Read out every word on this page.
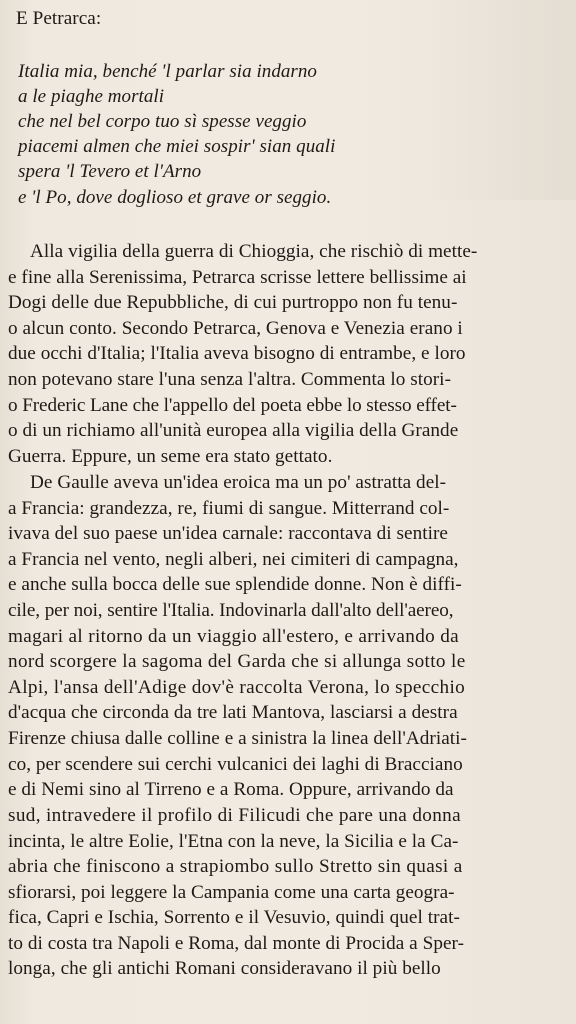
E Petrarca:
Italia mia, benché 'l parlar sia indarno
a le piaghe mortali
che nel bel corpo tuo sì spesse veggio
piacemi almen che miei sospir' sian quali
spera 'l Tevero et l'Arno
e 'l Po, dove doglioso et grave or seggio.
Alla vigilia della guerra di Chioggia, che rischiò di mette-
e fine alla Serenissima, Petrarca scrisse lettere bellissime ai
Dogi delle due Repubbliche, di cui purtroppo non fu tenu-
o alcun conto. Secondo Petrarca, Genova e Venezia erano i
due occhi d'Italia; l'Italia aveva bisogno di entrambe, e loro
non potevano stare l'una senza l'altra. Commenta lo stori-
o Frederic Lane che l'appello del poeta ebbe lo stesso effet-
o di un richiamo all'unità europea alla vigilia della Grande
Guerra. Eppure, un seme era stato gettato.
De Gaulle aveva un'idea eroica ma un po' astratta del-
a Francia: grandezza, re, fiumi di sangue. Mitterrand col-
ivava del suo paese un'idea carnale: raccontava di sentire
a Francia nel vento, negli alberi, nei cimiteri di campagna,
e anche sulla bocca delle sue splendide donne. Non è diffi-
cile, per noi, sentire l'Italia. Indovinarla dall'alto dell'aereo,
magari al ritorno da un viaggio all'estero, e arrivando da
nord scorgere la sagoma del Garda che si allunga sotto le
Alpi, l'ansa dell'Adige dov'è raccolta Verona, lo specchio
d'acqua che circonda da tre lati Mantova, lasciarsi a destra
Firenze chiusa dalle colline e a sinistra la linea dell'Adriati-
co, per scendere sui cerchi vulcanici dei laghi di Bracciano
e di Nemi sino al Tirreno e a Roma. Oppure, arrivando da
sud, intravedere il profilo di Filicudi che pare una donna
incinta, le altre Eolie, l'Etna con la neve, la Sicilia e la Ca-
abria che finiscono a strapiombo sullo Stretto sin quasi a
sfiorarsi, poi leggere la Campania come una carta geogra-
fica, Capri e Ischia, Sorrento e il Vesuvio, quindi quel trat-
to di costa tra Napoli e Roma, dal monte di Procida a Sper-
longa, che gli antichi Romani consideravano il più bello
